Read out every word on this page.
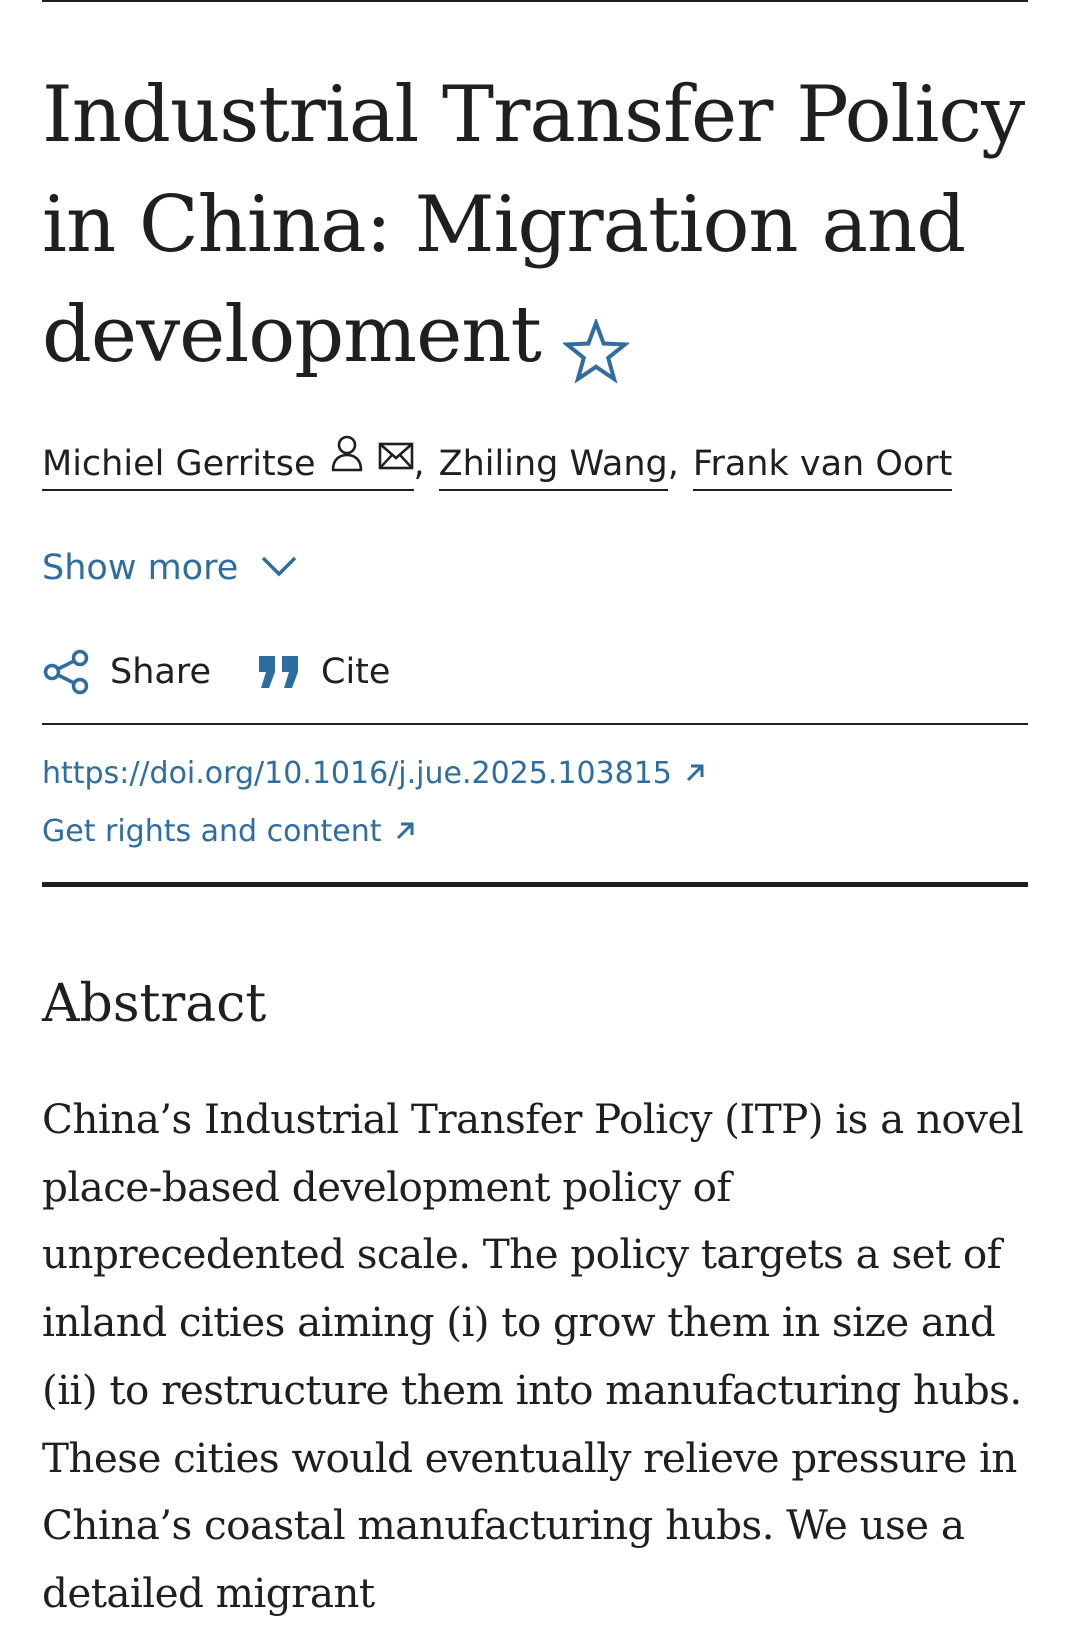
Industrial Transfer Policy in China: Migration and development
Michiel Gerritse	, Zhiling Wang, Frank van Oort
Show more
Share	Cite
https://doi.org/10.1016/j.jue.2025.103815
Get rights and content
Abstract

China’s Industrial Transfer Policy (ITP) is a novel place-based development policy of unprecedented scale. The policy targets a set of inland cities aiming (i) to grow them in size and (ii) to restructure them into manufacturing hubs. These cities would eventually relieve pressure in China’s coastal manufacturing hubs. We use a detailed migrant
